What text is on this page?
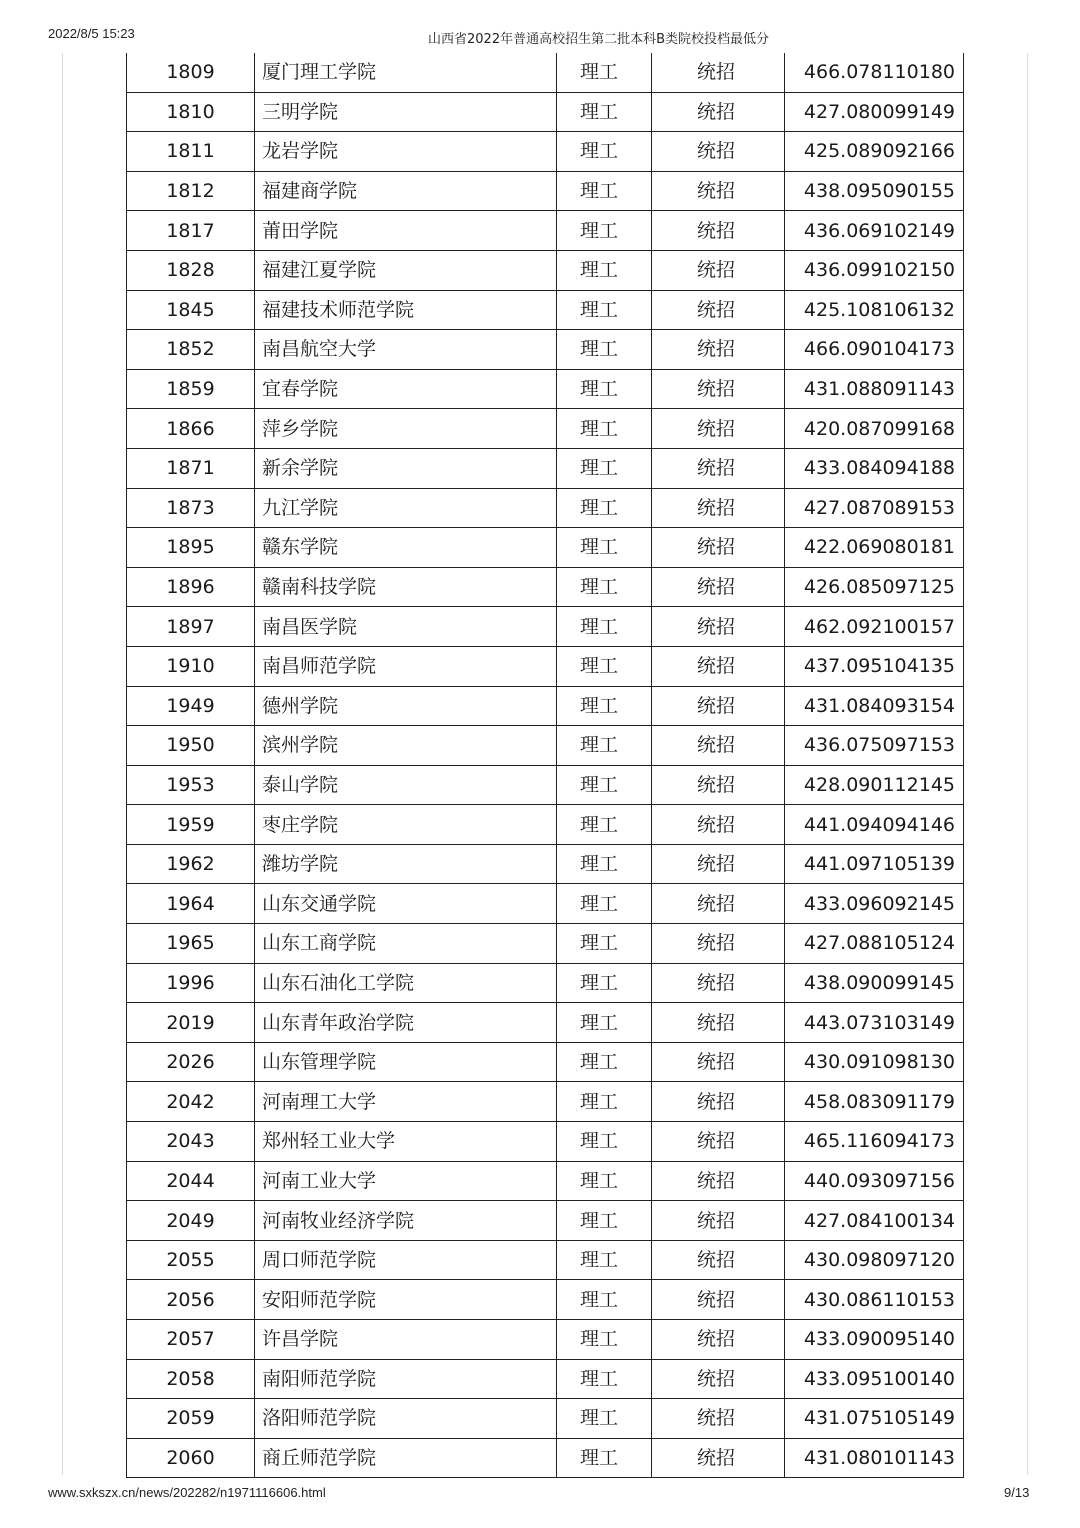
2022/8/5 15:23	山西省2022年普通高校招生第二批本科B类院校投档最低分
1809	厦门理工学院	理工	统招	466.078110180
1810	三明学院	理工	统招	427.080099149
1811	龙岩学院	理工	统招	425.089092166
1812	福建商学院	理工	统招	438.095090155
1817	莆田学院	理工	统招	436.069102149
1828	福建江夏学院	理工	统招	436.099102150
1845	福建技术师范学院	理工	统招	425.108106132
1852	南昌航空大学	理工	统招	466.090104173
1859	宜春学院	理工	统招	431.088091143
1866	萍乡学院	理工	统招	420.087099168
1871	新余学院	理工	统招	433.084094188
1873	九江学院	理工	统招	427.087089153
1895	赣东学院	理工	统招	422.069080181
1896	赣南科技学院	理工	统招	426.085097125
1897	南昌医学院	理工	统招	462.092100157
1910	南昌师范学院	理工	统招	437.095104135
1949	德州学院	理工	统招	431.084093154
1950	滨州学院	理工	统招	436.075097153
1953	泰山学院	理工	统招	428.090112145
1959	枣庄学院	理工	统招	441.094094146
1962	潍坊学院	理工	统招	441.097105139
1964	山东交通学院	理工	统招	433.096092145
1965	山东工商学院	理工	统招	427.088105124
1996	山东石油化工学院	理工	统招	438.090099145
2019	山东青年政治学院	理工	统招	443.073103149
2026	山东管理学院	理工	统招	430.091098130
2042	河南理工大学	理工	统招	458.083091179
2043	郑州轻工业大学	理工	统招	465.116094173
2044	河南工业大学	理工	统招	440.093097156
2049	河南牧业经济学院	理工	统招	427.084100134
2055	周口师范学院	理工	统招	430.098097120
2056	安阳师范学院	理工	统招	430.086110153
2057	许昌学院	理工	统招	433.090095140
2058	南阳师范学院	理工	统招	433.095100140
2059	洛阳师范学院	理工	统招	431.075105149
2060	商丘师范学院	理工	统招	431.080101143
www.sxkszx.cn/news/202282/n1971116606.html	9/13
